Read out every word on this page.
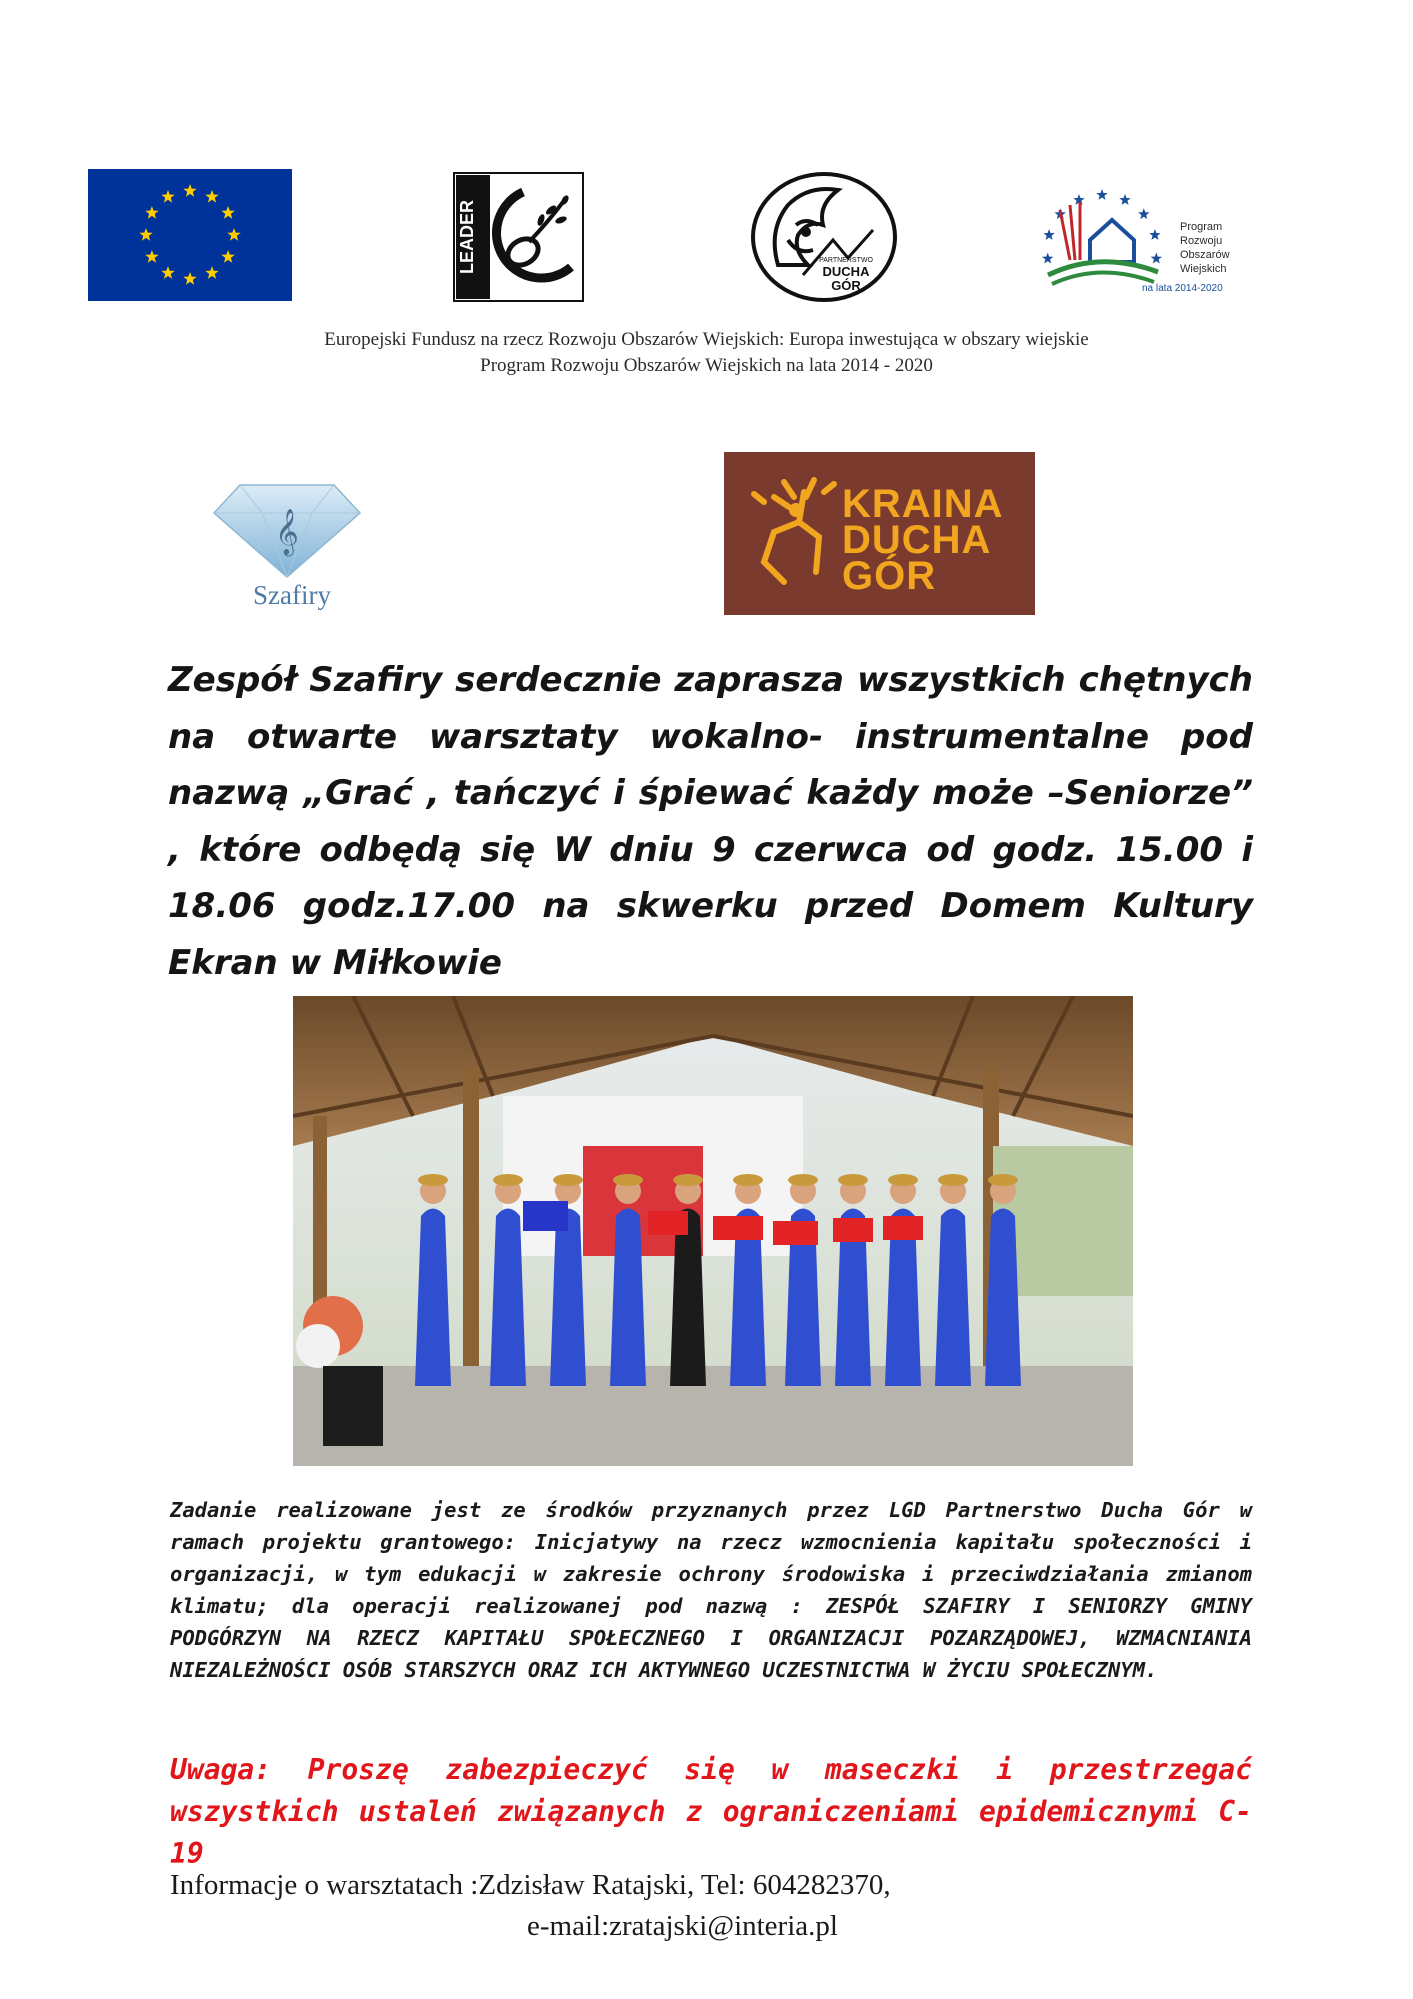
LEADER	PARTNERSTWO
DUCHA
GÓR
Program
Rozwoju
Obszarów
Wiejskich
na lata 2014-2020
Europejski Fundusz na rzecz Rozwoju Obszarów Wiejskich: Europa inwestująca w obszary wiejskie
Program Rozwoju Obszarów Wiejskich na lata 2014 - 2020
𝄞
Szafiry
KRAINA
DUCHA
GÓR

Zespół Szafiry serdecznie zaprasza wszystkich chętnych na otwarte warsztaty wokalno- instrumentalne pod nazwą „Grać , tańczyć i śpiewać każdy może –Seniorze” , które odbędą się W dniu 9 czerwca od godz. 15.00 i 18.06 godz.17.00 na skwerku przed Domem Kultury Ekran w Miłkowie

Zadanie realizowane jest ze środków przyznanych przez LGD Partnerstwo Ducha Gór w ramach projektu grantowego: Inicjatywy na rzecz wzmocnienia kapitału społeczności i organizacji, w tym edukacji w zakresie ochrony środowiska i przeciwdziałania zmianom klimatu; dla operacji realizowanej pod nazwą : ZESPÓŁ SZAFIRY I SENIORZY GMINY PODGÓRZYN NA RZECZ KAPITAŁU SPOŁECZNEGO I ORGANIZACJI POZARZĄDOWEJ, WZMACNIANIA NIEZALEŻNOŚCI OSÓB STARSZYCH ORAZ ICH AKTYWNEGO UCZESTNICTWA W ŻYCIU SPOŁECZNYM.

Uwaga: Proszę zabezpieczyć się w maseczki i przestrzegać wszystkich ustaleń związanych z ograniczeniami epidemicznymi C-19

Informacje o warsztatach :Zdzisław Ratajski, Tel: 604282370,
e-mail:zratajski@interia.pl
